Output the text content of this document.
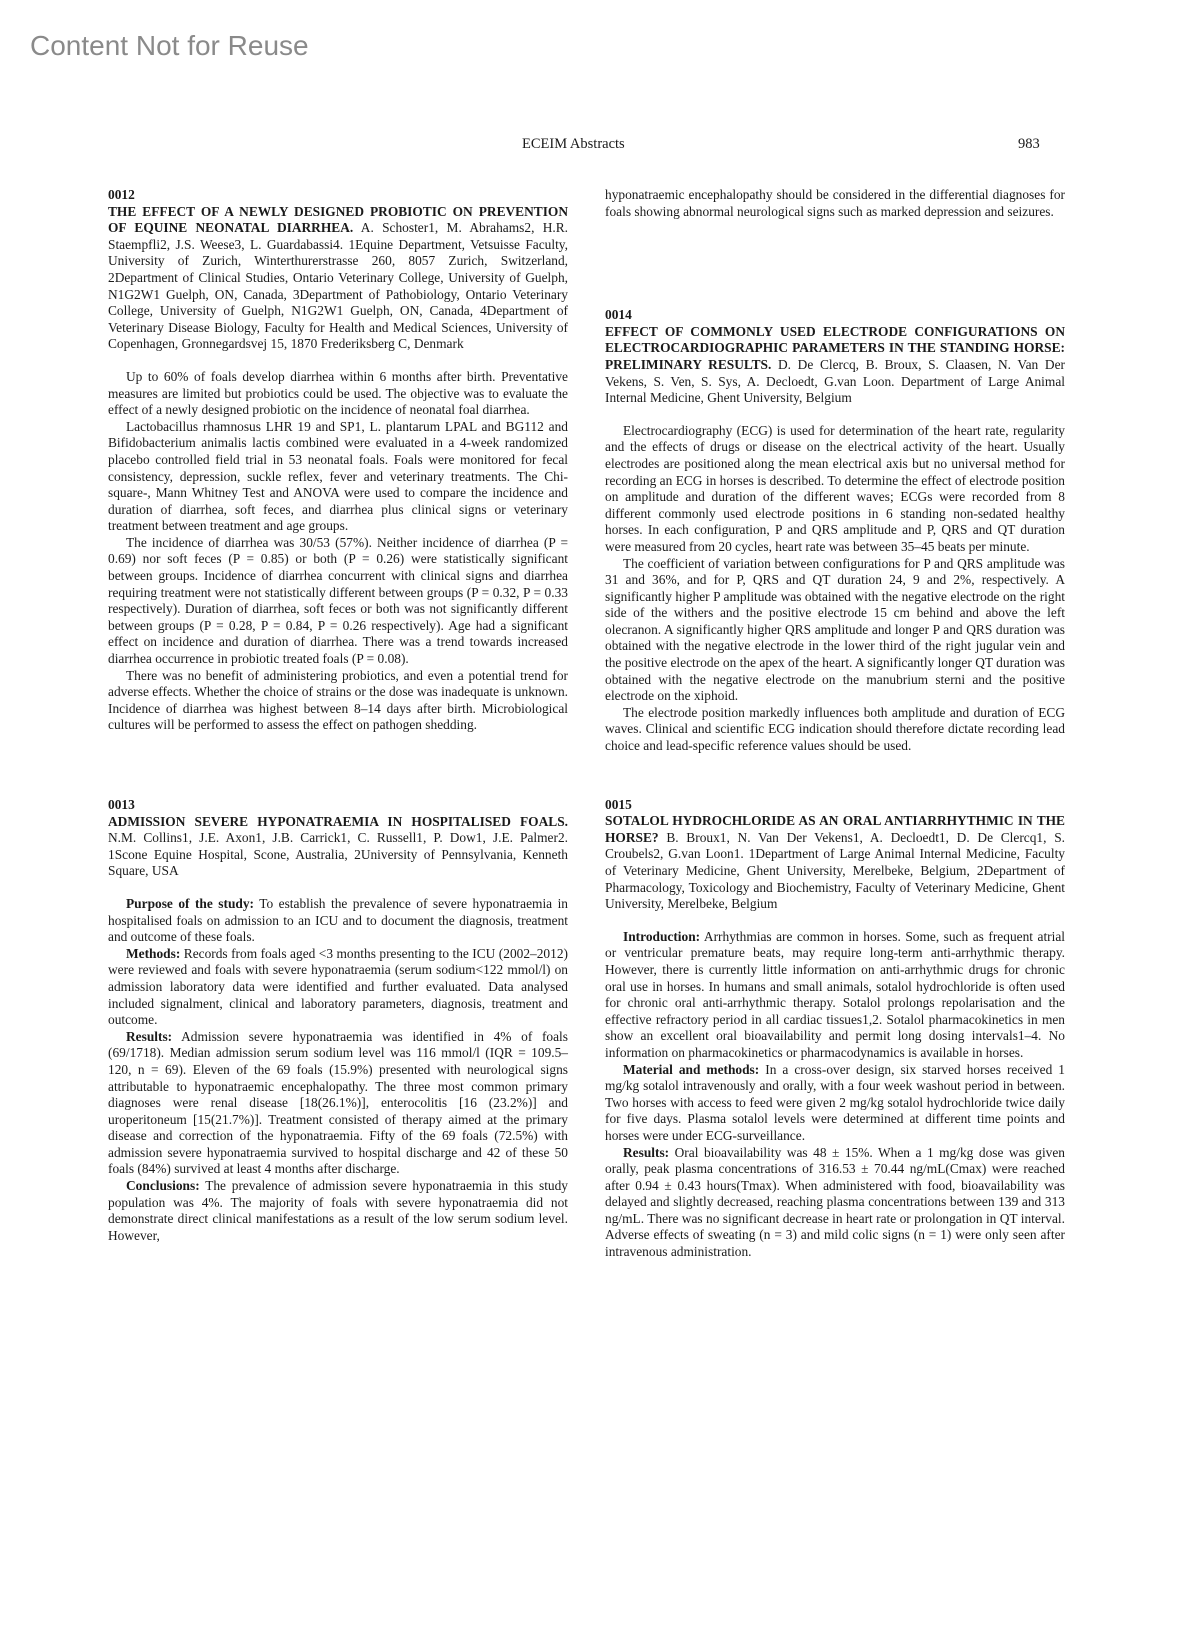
Content Not for Reuse
ECEIM Abstracts	983
0012

THE EFFECT OF A NEWLY DESIGNED PROBIOTIC ON PREVENTION OF EQUINE NEONATAL DIARRHEA. A. Schoster1, M. Abrahams2, H.R. Staempfli2, J.S. Weese3, L. Guardabassi4. 1Equine Department, Vetsuisse Faculty, University of Zurich, Winterthurerstrasse 260, 8057 Zurich, Switzerland, 2Department of Clinical Studies, Ontario Veterinary College, University of Guelph, N1G2W1 Guelph, ON, Canada, 3Department of Pathobiology, Ontario Veterinary College, University of Guelph, N1G2W1 Guelph, ON, Canada, 4Department of Veterinary Disease Biology, Faculty for Health and Medical Sciences, University of Copenhagen, Gronnegardsvej 15, 1870 Frederiksberg C, Denmark

Up to 60% of foals develop diarrhea within 6 months after birth. Preventative measures are limited but probiotics could be used. The objective was to evaluate the effect of a newly designed probiotic on the incidence of neonatal foal diarrhea.

Lactobacillus rhamnosus LHR 19 and SP1, L. plantarum LPAL and BG112 and Bifidobacterium animalis lactis combined were evaluated in a 4-week randomized placebo controlled field trial in 53 neonatal foals. Foals were monitored for fecal consistency, depression, suckle reflex, fever and veterinary treatments. The Chi-square-, Mann Whitney Test and ANOVA were used to compare the incidence and duration of diarrhea, soft feces, and diarrhea plus clinical signs or veterinary treatment between treatment and age groups.

The incidence of diarrhea was 30/53 (57%). Neither incidence of diarrhea (P = 0.69) nor soft feces (P = 0.85) or both (P = 0.26) were statistically significant between groups. Incidence of diarrhea concurrent with clinical signs and diarrhea requiring treatment were not statistically different between groups (P = 0.32, P = 0.33 respectively). Duration of diarrhea, soft feces or both was not significantly different between groups (P = 0.28, P = 0.84, P = 0.26 respectively). Age had a significant effect on incidence and duration of diarrhea. There was a trend towards increased diarrhea occurrence in probiotic treated foals (P = 0.08).

There was no benefit of administering probiotics, and even a potential trend for adverse effects. Whether the choice of strains or the dose was inadequate is unknown. Incidence of diarrhea was highest between 8–14 days after birth. Microbiological cultures will be performed to assess the effect on pathogen shedding.

0013

ADMISSION SEVERE HYPONATRAEMIA IN HOSPITALISED FOALS. N.M. Collins1, J.E. Axon1, J.B. Carrick1, C. Russell1, P. Dow1, J.E. Palmer2. 1Scone Equine Hospital, Scone, Australia, 2University of Pennsylvania, Kenneth Square, USA

Purpose of the study: To establish the prevalence of severe hyponatraemia in hospitalised foals on admission to an ICU and to document the diagnosis, treatment and outcome of these foals.

Methods: Records from foals aged <3 months presenting to the ICU (2002–2012) were reviewed and foals with severe hyponatraemia (serum sodium<122 mmol/l) on admission laboratory data were identified and further evaluated. Data analysed included signalment, clinical and laboratory parameters, diagnosis, treatment and outcome.

Results: Admission severe hyponatraemia was identified in 4% of foals (69/1718). Median admission serum sodium level was 116 mmol/l (IQR = 109.5–120, n = 69). Eleven of the 69 foals (15.9%) presented with neurological signs attributable to hyponatraemic encephalopathy. The three most common primary diagnoses were renal disease [18(26.1%)], enterocolitis [16 (23.2%)] and uroperitoneum [15(21.7%)]. Treatment consisted of therapy aimed at the primary disease and correction of the hyponatraemia. Fifty of the 69 foals (72.5%) with admission severe hyponatraemia survived to hospital discharge and 42 of these 50 foals (84%) survived at least 4 months after discharge.

Conclusions: The prevalence of admission severe hyponatraemia in this study population was 4%. The majority of foals with severe hyponatraemia did not demonstrate direct clinical manifestations as a result of the low serum sodium level. However,

hyponatraemic encephalopathy should be considered in the differential diagnoses for foals showing abnormal neurological signs such as marked depression and seizures.

0014

EFFECT OF COMMONLY USED ELECTRODE CONFIGURATIONS ON ELECTROCARDIOGRAPHIC PARAMETERS IN THE STANDING HORSE: PRELIMINARY RESULTS. D. De Clercq, B. Broux, S. Claasen, N. Van Der Vekens, S. Ven, S. Sys, A. Decloedt, G.van Loon. Department of Large Animal Internal Medicine, Ghent University, Belgium

Electrocardiography (ECG) is used for determination of the heart rate, regularity and the effects of drugs or disease on the electrical activity of the heart. Usually electrodes are positioned along the mean electrical axis but no universal method for recording an ECG in horses is described. To determine the effect of electrode position on amplitude and duration of the different waves; ECGs were recorded from 8 different commonly used electrode positions in 6 standing non-sedated healthy horses. In each configuration, P and QRS amplitude and P, QRS and QT duration were measured from 20 cycles, heart rate was between 35–45 beats per minute.

The coefficient of variation between configurations for P and QRS amplitude was 31 and 36%, and for P, QRS and QT duration 24, 9 and 2%, respectively. A significantly higher P amplitude was obtained with the negative electrode on the right side of the withers and the positive electrode 15 cm behind and above the left olecranon. A significantly higher QRS amplitude and longer P and QRS duration was obtained with the negative electrode in the lower third of the right jugular vein and the positive electrode on the apex of the heart. A significantly longer QT duration was obtained with the negative electrode on the manubrium sterni and the positive electrode on the xiphoid.

The electrode position markedly influences both amplitude and duration of ECG waves. Clinical and scientific ECG indication should therefore dictate recording lead choice and lead-specific reference values should be used.

0015

SOTALOL HYDROCHLORIDE AS AN ORAL ANTIARRHYTHMIC IN THE HORSE? B. Broux1, N. Van Der Vekens1, A. Decloedt1, D. De Clercq1, S. Croubels2, G.van Loon1. 1Department of Large Animal Internal Medicine, Faculty of Veterinary Medicine, Ghent University, Merelbeke, Belgium, 2Department of Pharmacology, Toxicology and Biochemistry, Faculty of Veterinary Medicine, Ghent University, Merelbeke, Belgium

Introduction: Arrhythmias are common in horses. Some, such as frequent atrial or ventricular premature beats, may require long-term anti-arrhythmic therapy. However, there is currently little information on anti-arrhythmic drugs for chronic oral use in horses. In humans and small animals, sotalol hydrochloride is often used for chronic oral anti-arrhythmic therapy. Sotalol prolongs repolarisation and the effective refractory period in all cardiac tissues1,2. Sotalol pharmacokinetics in men show an excellent oral bioavailability and permit long dosing intervals1–4. No information on pharmacokinetics or pharmacodynamics is available in horses.

Material and methods: In a cross-over design, six starved horses received 1 mg/kg sotalol intravenously and orally, with a four week washout period in between. Two horses with access to feed were given 2 mg/kg sotalol hydrochloride twice daily for five days. Plasma sotalol levels were determined at different time points and horses were under ECG-surveillance.

Results: Oral bioavailability was 48 ± 15%. When a 1 mg/kg dose was given orally, peak plasma concentrations of 316.53 ± 70.44 ng/mL(Cmax) were reached after 0.94 ± 0.43 hours(Tmax). When administered with food, bioavailability was delayed and slightly decreased, reaching plasma concentrations between 139 and 313 ng/mL. There was no significant decrease in heart rate or prolongation in QT interval. Adverse effects of sweating (n = 3) and mild colic signs (n = 1) were only seen after intravenous administration.
